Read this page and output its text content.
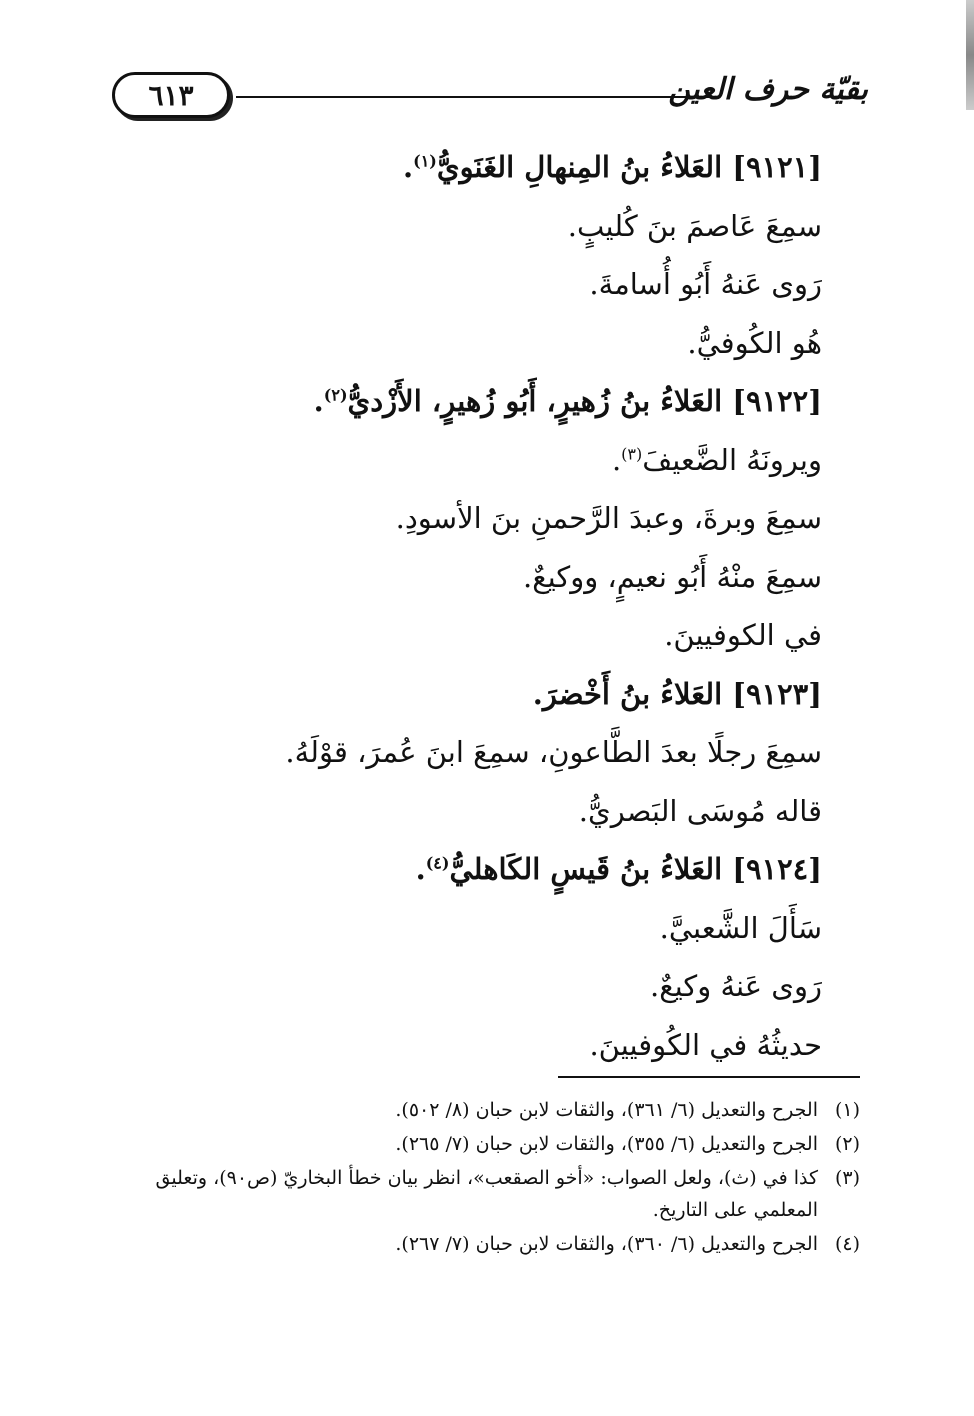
٦١٣	بقيّة حرف العين
[٩١٢١] العَلاءُ بنُ المِنهالِ الغَنَويُّ$^{(١)}$.
سمِعَ عَاصمَ بنَ كُليبٍ.
رَوى عَنهُ أَبُو أُسامةَ.
هُو الكُوفيُّ.
[٩١٢٢] العَلاءُ بنُ زُهيرٍ، أَبُو زُهيرٍ، الأَزْديُّ$^{(٢)}$.
ويرونَهُ الضَّعيفَ$^{(٣)}$.
سمِعَ وبرةَ، وعبدَ الرَّحمنِ بنَ الأسودِ.
سمِعَ منْهُ أَبُو نعيمٍ، ووكيعٌ.
في الكوفيينَ.
[٩١٢٣] العَلاءُ بنُ أَخْضرَ.
سمِعَ رجلًا بعدَ الطَّاعونِ، سمِعَ ابنَ عُمرَ، قوْلَهُ.
قاله مُوسَى البَصريُّ.
[٩١٢٤] العَلاءُ بنُ قَيسٍ الكَاهليُّ$^{(٤)}$.
سَأَلَ الشَّعبيَّ.
رَوى عَنهُ وكيعٌ.
حديثُهُ في الكُوفيينَ.
(١)
الجرح والتعديل (٦/ ٣٦١)، والثقات لابن حبان (٨/ ٥٠٢).
(٢)
الجرح والتعديل (٦/ ٣٥٥)، والثقات لابن حبان (٧/ ٢٦٥).
(٣)
كذا في (ث)، ولعل الصواب: «أخو الصقعب»، انظر بيان خطأ البخاريّ (ص٩٠)، وتعليق المعلمي على التاريخ.
(٤)
الجرح والتعديل (٦/ ٣٦٠)، والثقات لابن حبان (٧/ ٢٦٧).
